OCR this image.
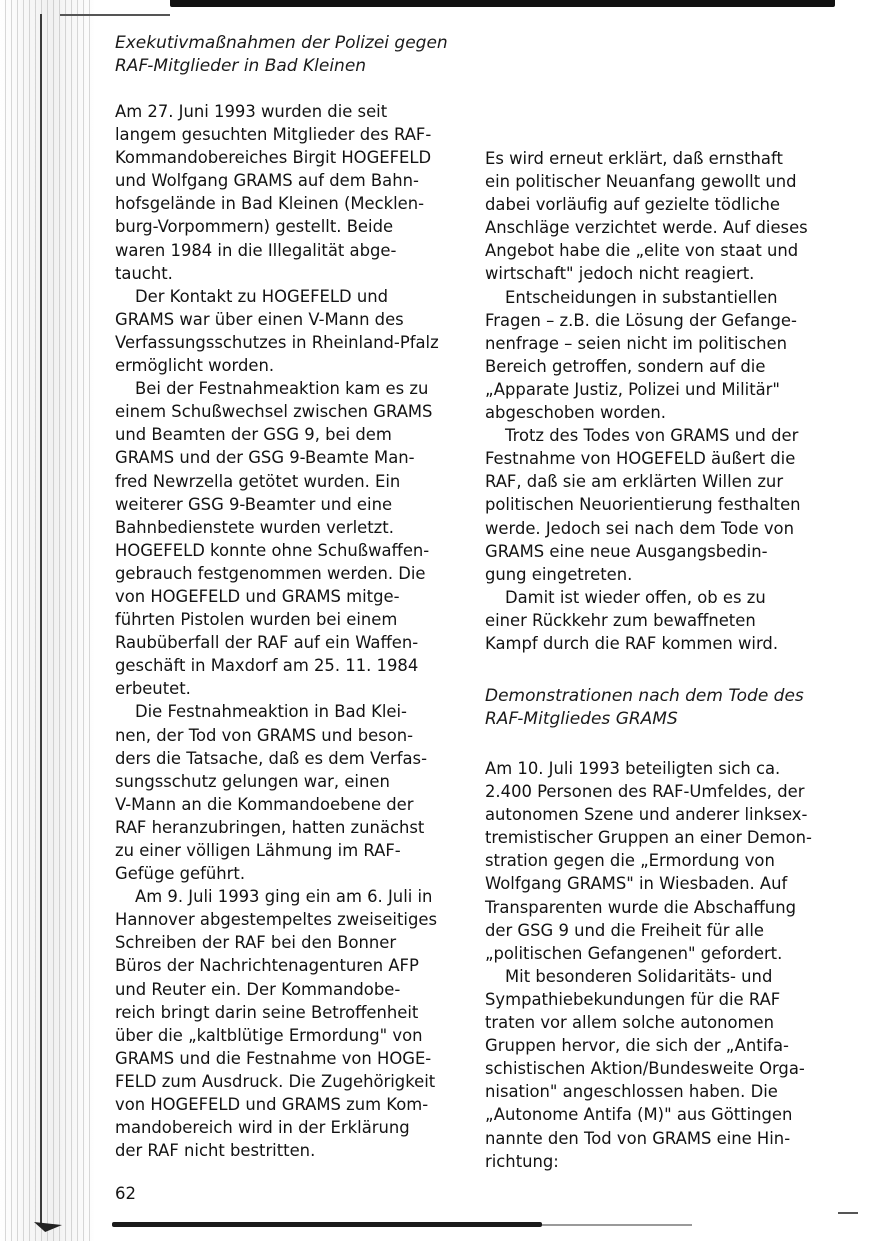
Exekutivmaßnahmen der Polizei gegen
RAF-Mitglieder in Bad Kleinen
Am 27. Juni 1993 wurden die seit
langem gesuchten Mitglieder des RAF-
Kommandobereiches Birgit HOGEFELD
und Wolfgang GRAMS auf dem Bahn-
hofsgelände in Bad Kleinen (Mecklen-
burg-Vorpommern) gestellt. Beide
waren 1984 in die Illegalität abge-
taucht.
Der Kontakt zu HOGEFELD und
GRAMS war über einen V-Mann des
Verfassungsschutzes in Rheinland-Pfalz
ermöglicht worden.
Bei der Festnahmeaktion kam es zu
einem Schußwechsel zwischen GRAMS
und Beamten der GSG 9, bei dem
GRAMS und der GSG 9-Beamte Man-
fred Newrzella getötet wurden. Ein
weiterer GSG 9-Beamter und eine
Bahnbedienstete wurden verletzt.
HOGEFELD konnte ohne Schußwaffen-
gebrauch festgenommen werden. Die
von HOGEFELD und GRAMS mitge-
führten Pistolen wurden bei einem
Raubüberfall der RAF auf ein Waffen-
geschäft in Maxdorf am 25. 11. 1984
erbeutet.
Die Festnahmeaktion in Bad Klei-
nen, der Tod von GRAMS und beson-
ders die Tatsache, daß es dem Verfas-
sungsschutz gelungen war, einen
V-Mann an die Kommandoebene der
RAF heranzubringen, hatten zunächst
zu einer völligen Lähmung im RAF-
Gefüge geführt.
Am 9. Juli 1993 ging ein am 6. Juli in
Hannover abgestempeltes zweiseitiges
Schreiben der RAF bei den Bonner
Büros der Nachrichtenagenturen AFP
und Reuter ein. Der Kommandobe-
reich bringt darin seine Betroffenheit
über die „kaltblütige Ermordung" von
GRAMS und die Festnahme von HOGE-
FELD zum Ausdruck. Die Zugehörigkeit
von HOGEFELD und GRAMS zum Kom-
mandobereich wird in der Erklärung
der RAF nicht bestritten.
Es wird erneut erklärt, daß ernsthaft
ein politischer Neuanfang gewollt und
dabei vorläufig auf gezielte tödliche
Anschläge verzichtet werde. Auf dieses
Angebot habe die „elite von staat und
wirtschaft" jedoch nicht reagiert.
Entscheidungen in substantiellen
Fragen – z.B. die Lösung der Gefange-
nenfrage – seien nicht im politischen
Bereich getroffen, sondern auf die
„Apparate Justiz, Polizei und Militär"
abgeschoben worden.
Trotz des Todes von GRAMS und der
Festnahme von HOGEFELD äußert die
RAF, daß sie am erklärten Willen zur
politischen Neuorientierung festhalten
werde. Jedoch sei nach dem Tode von
GRAMS eine neue Ausgangsbedin-
gung eingetreten.
Damit ist wieder offen, ob es zu
einer Rückkehr zum bewaffneten
Kampf durch die RAF kommen wird.
Demonstrationen nach dem Tode des
RAF-Mitgliedes GRAMS
Am 10. Juli 1993 beteiligten sich ca.
2.400 Personen des RAF-Umfeldes, der
autonomen Szene und anderer linksex-
tremistischer Gruppen an einer Demon-
stration gegen die „Ermordung von
Wolfgang GRAMS" in Wiesbaden. Auf
Transparenten wurde die Abschaffung
der GSG 9 und die Freiheit für alle
„politischen Gefangenen" gefordert.
Mit besonderen Solidaritäts- und
Sympathiebekundungen für die RAF
traten vor allem solche autonomen
Gruppen hervor, die sich der „Antifa-
schistischen Aktion/Bundesweite Orga-
nisation" angeschlossen haben. Die
„Autonome Antifa (M)" aus Göttingen
nannte den Tod von GRAMS eine Hin-
richtung:
62
